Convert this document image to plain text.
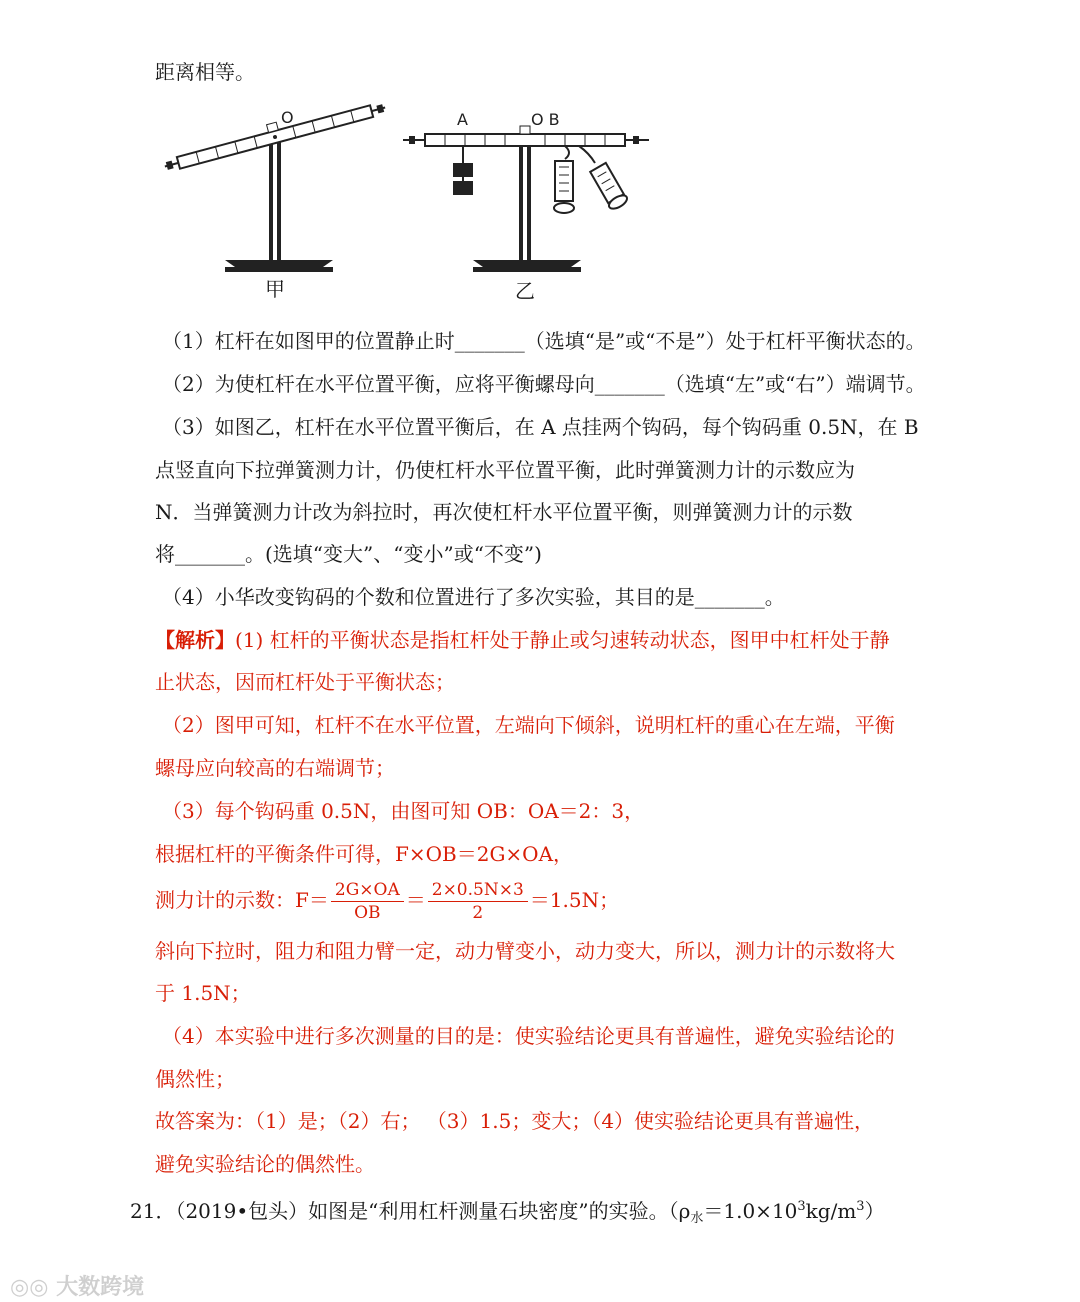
距离相等。
O	A	O B
甲	乙
（1）杠杆在如图甲的位置静止时_______（选填“是”或“不是”）处于杠杆平衡状态的。
（2）为使杠杆在水平位置平衡，应将平衡螺母向_______（选填“左”或“右”）端调节。
（3）如图乙，杠杆在水平位置平衡后，在 A 点挂两个钩码，每个钩码重 0.5N，在 B
点竖直向下拉弹簧测力计，仍使杠杆水平位置平衡，此时弹簧测力计的示数应为
N．当弹簧测力计改为斜拉时，再次使杠杆水平位置平衡，则弹簧测力计的示数
将_______。(选填“变大”、“变小”或“不变”)
（4）小华改变钩码的个数和位置进行了多次实验，其目的是_______。
【解析】(1) 杠杆的平衡状态是指杠杆处于静止或匀速转动状态，图甲中杠杆处于静
止状态，因而杠杆处于平衡状态；
（2）图甲可知，杠杆不在水平位置，左端向下倾斜，说明杠杆的重心在左端，平衡
螺母应向较高的右端调节；
（3）每个钩码重 0.5N，由图可知 OB：OA＝2：3，
根据杠杆的平衡条件可得，F×OB＝2G×OA，
测力计的示数：$F= \frac{2G\times OA}{OB} = \frac{2\times 0.5N\times 3}{2} =1.5N$；
斜向下拉时，阻力和阻力臂一定，动力臂变小，动力变大，所以，测力计的示数将大
于 1.5N；
（4）本实验中进行多次测量的目的是：使实验结论更具有普遍性，避免实验结论的
偶然性；
故答案为：（1）是；（2）右； （3）1.5；变大；（4）使实验结论更具有普遍性，
避免实验结论的偶然性。
21．（2019•包头）如图是“利用杠杆测量石块密度”的实验。$(\rho_水=1.0\times 10^3kg/m^3)$
◎◎ 大数跨境
